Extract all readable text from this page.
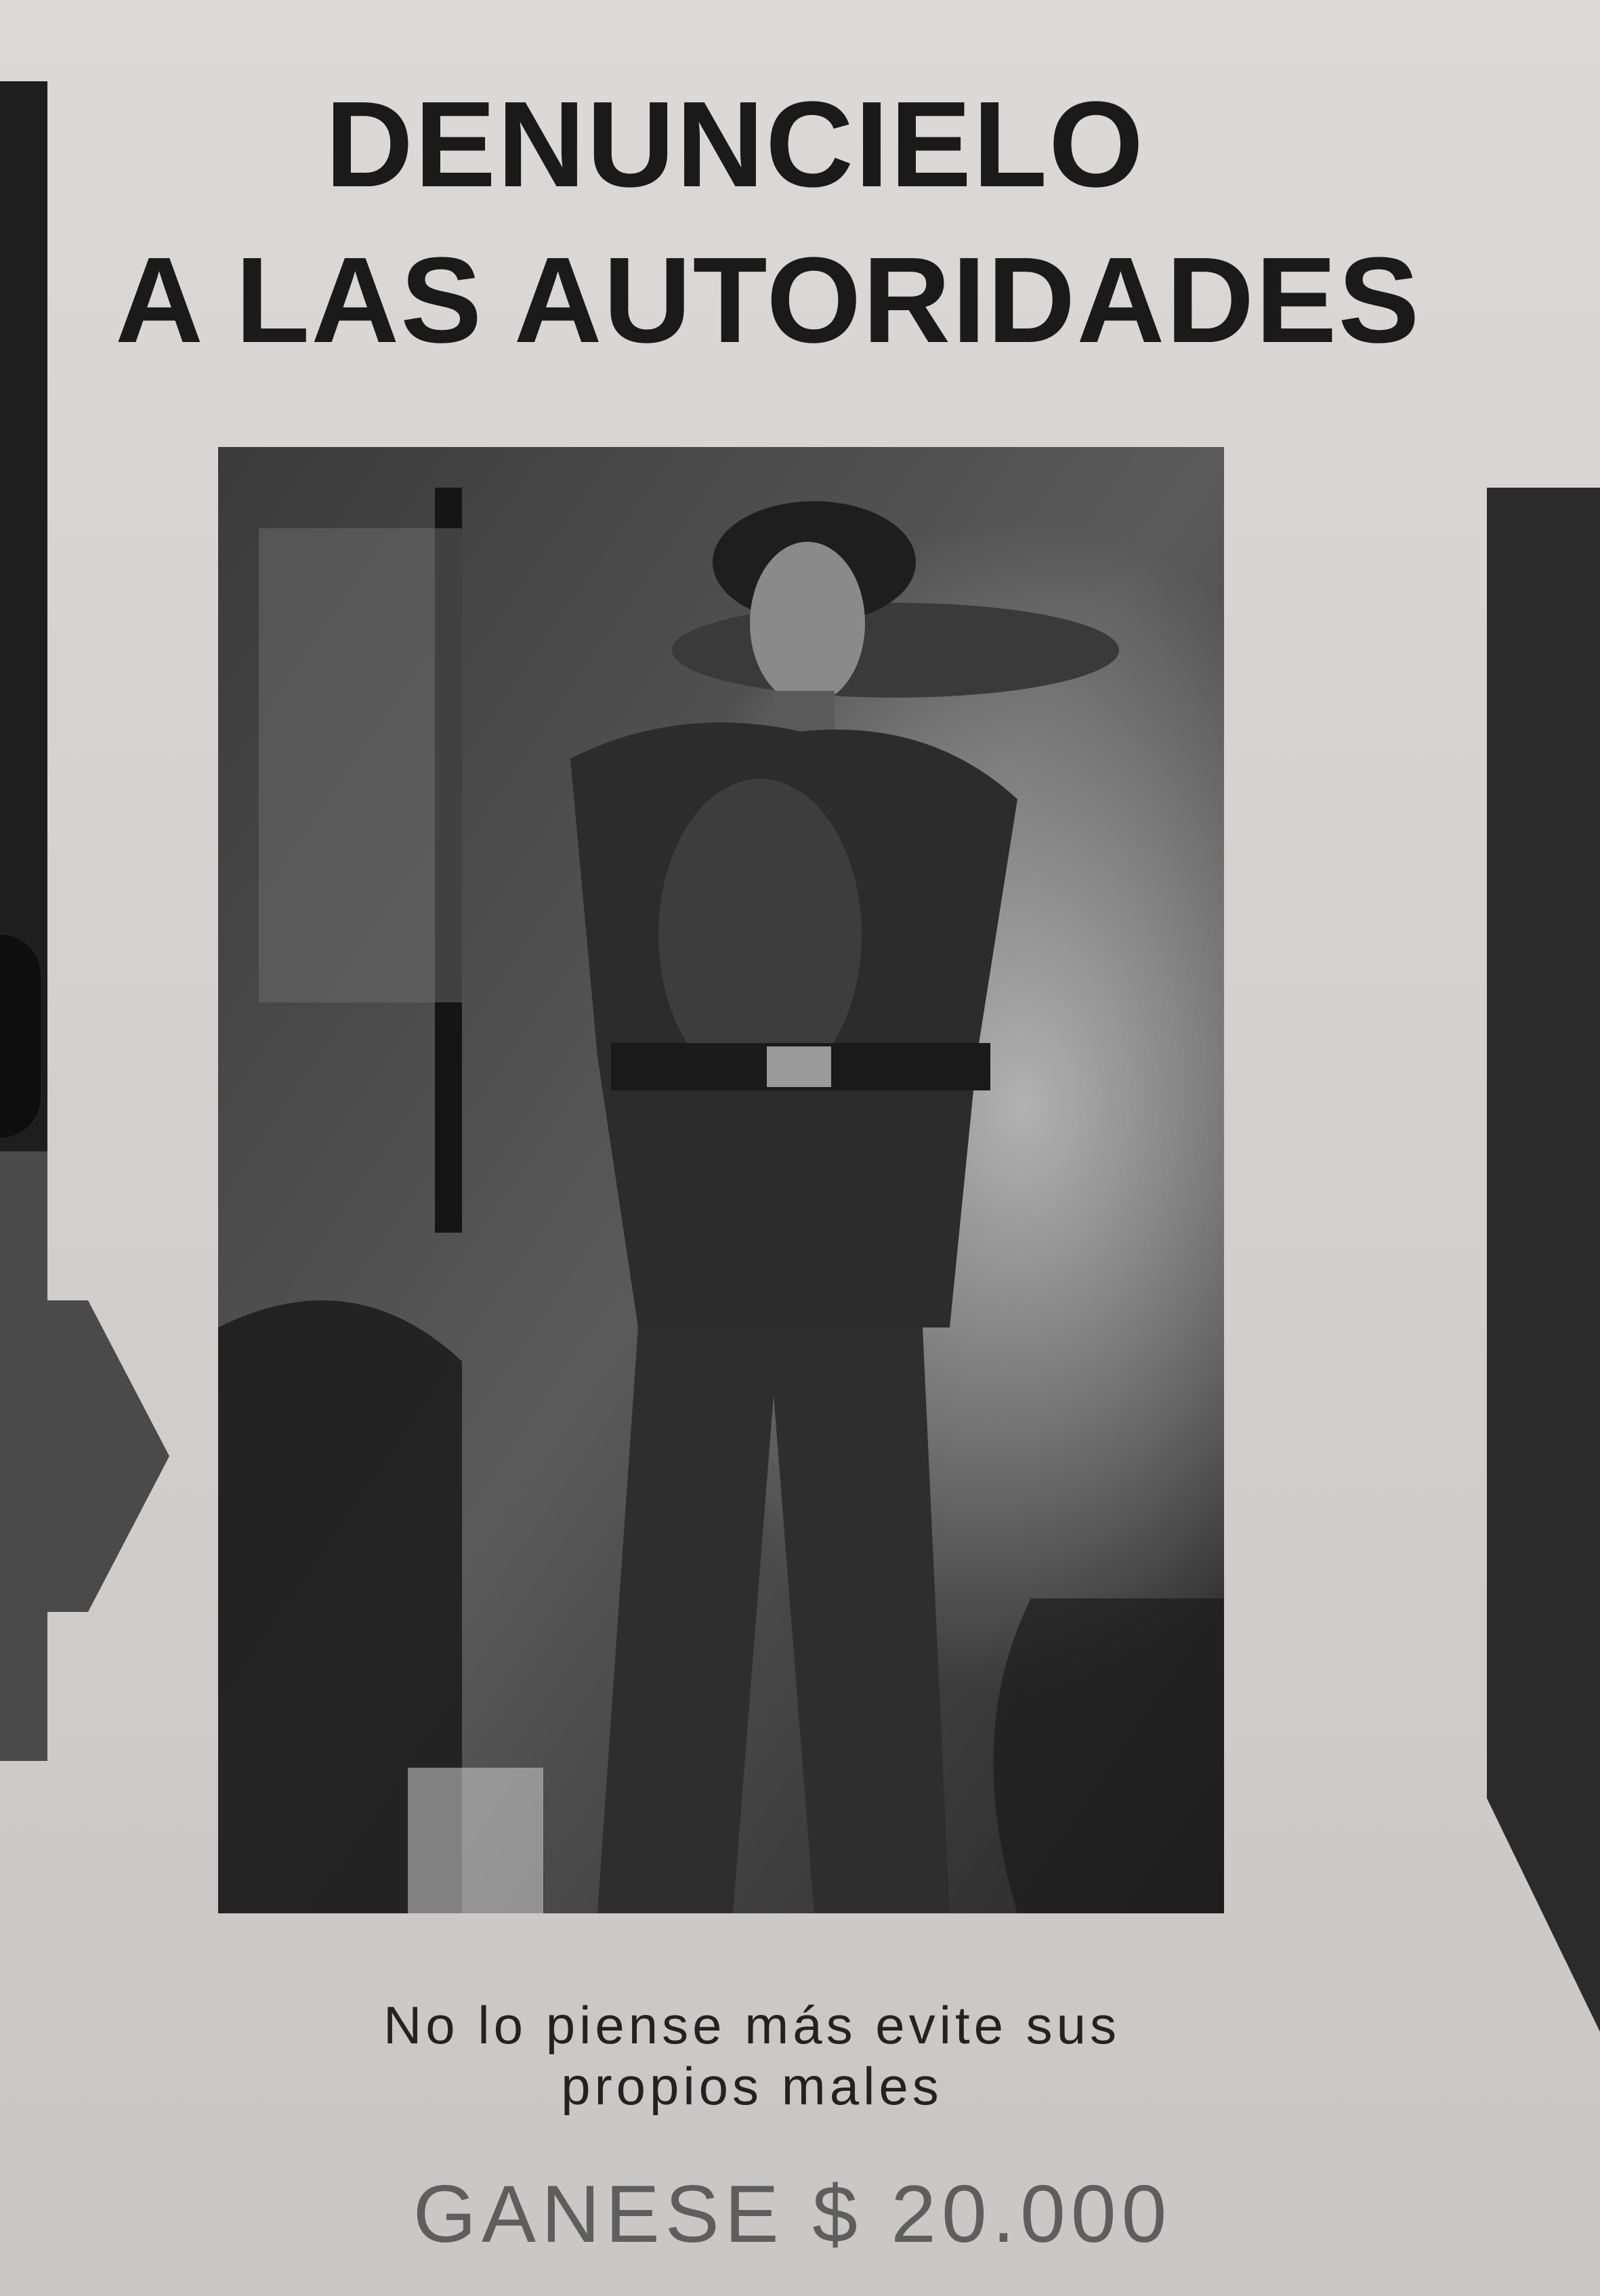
DENUNCIELO
A LAS AUTORIDADES
No lo piense más evite sus
propios males
GANESE $ 20.000
